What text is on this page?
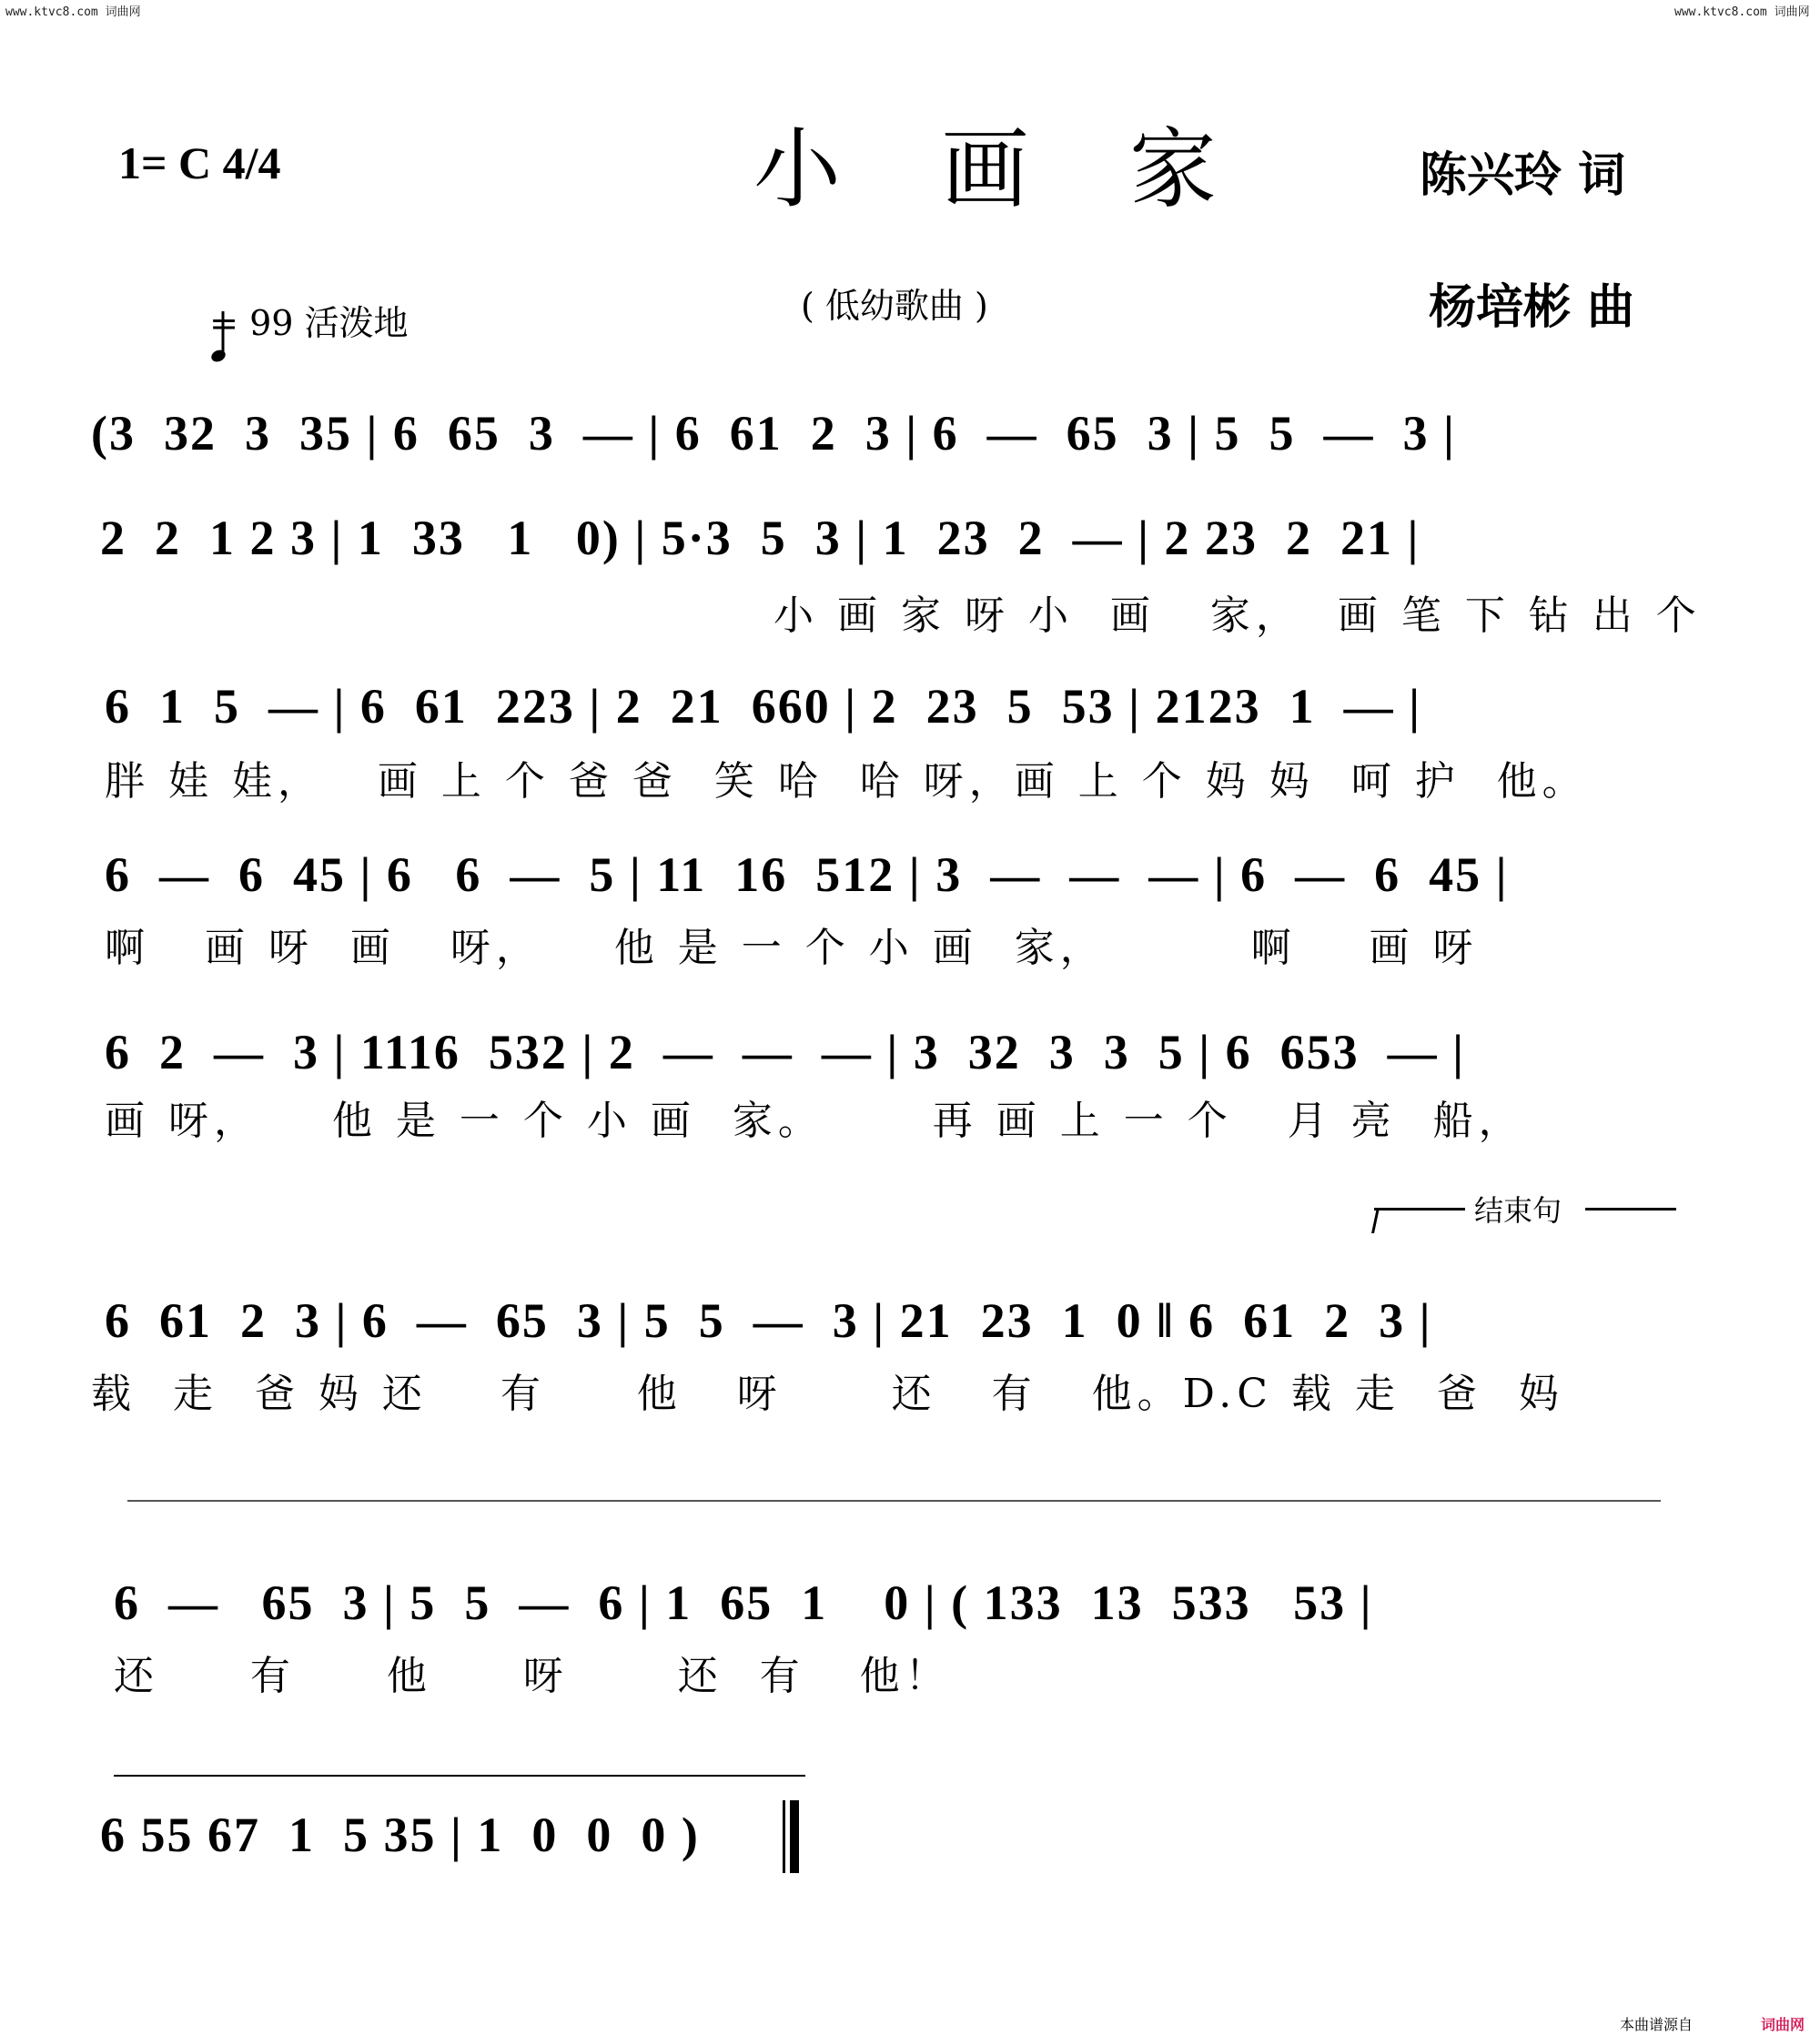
www.ktvc8.com 词曲网	www.ktvc8.com 词曲网
1= C 4/4	小 画 家	陈兴玲 词

= 99 活泼地	( 低幼歌曲 )	杨培彬 曲
(3  32  3  35 | 6  65  3  — | 6  61  2  3 | 6  —  65  3 | 5  5  —  3 |
2  2  1 2 3 | 1  33   1   0) | 5·3  5  3 | 1  23  2  — | 2 23  2  21 |
小 画 家 呀 小  画   家，  画 笔 下 钻 出 个
6  1  5  — | 6  61  223 | 2  21  660 | 2  23  5  53 | 2123  1  — |
胖 娃 娃，   画 上 个 爸 爸  笑 哈  哈 呀，画 上 个 妈 妈  呵 护  他。
6  —  6  45 | 6   6  —  5 | 11  16  512 | 3  —  —  — | 6  —  6  45 |
啊   画 呀  画   呀，    他 是 一 个 小 画  家，        啊    画 呀
6  2  —  3 | 1116  532 | 2  —  —  — | 3  32  3  3  5 | 6  653  — |
画 呀，    他 是 一 个 小 画  家。      再 画 上 一 个   月 亮  船，

结束句

6  61  2  3 | 6  —  65  3 | 5  5  —  3 | 21  23  1  0 ‖ 6  61  2  3 |
载  走  爸 妈 还    有     他   呀      还   有   他。D.C 载 走  爸  妈
6  —   65  3 | 5  5  —  6 | 1  65  1    0 | ( 133  13  533   53 |
还     有     他     呀      还  有   他！
6 55 67  1  5 35 | 1  0  0  0 )
本曲谱源自	词曲网
